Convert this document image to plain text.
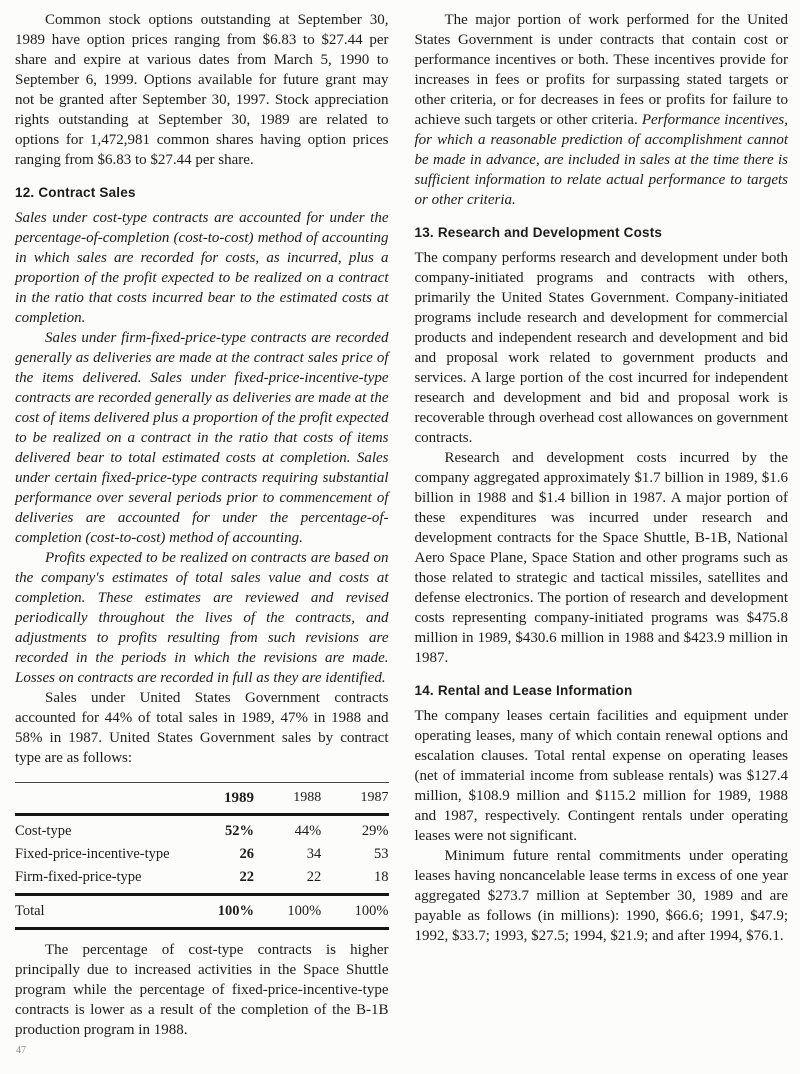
Common stock options outstanding at September 30, 1989 have option prices ranging from $6.83 to $27.44 per share and expire at various dates from March 5, 1990 to September 6, 1999. Options available for future grant may not be granted after September 30, 1997. Stock appreciation rights outstanding at September 30, 1989 are related to options for 1,472,981 common shares having option prices ranging from $6.83 to $27.44 per share.

12. Contract Sales

Sales under cost-type contracts are accounted for under the percentage-of-completion (cost-to-cost) method of accounting in which sales are recorded for costs, as incurred, plus a proportion of the profit expected to be realized on a contract in the ratio that costs incurred bear to the estimated costs at completion.

Sales under firm-fixed-price-type contracts are recorded generally as deliveries are made at the contract sales price of the items delivered. Sales under fixed-price-incentive-type contracts are recorded generally as deliveries are made at the cost of items delivered plus a proportion of the profit expected to be realized on a contract in the ratio that costs of items delivered bear to total estimated costs at completion. Sales under certain fixed-price-type contracts requiring substantial performance over several periods prior to commencement of deliveries are accounted for under the percentage-of-completion (cost-to-cost) method of accounting.

Profits expected to be realized on contracts are based on the company's estimates of total sales value and costs at completion. These estimates are reviewed and revised periodically throughout the lives of the contracts, and adjustments to profits resulting from such revisions are recorded in the periods in which the revisions are made. Losses on contracts are recorded in full as they are identified.

Sales under United States Government contracts accounted for 44% of total sales in 1989, 47% in 1988 and 58% in 1987. United States Government sales by contract type are as follows:

	1989	1988	1987
Cost-type	52%	44%	29%
Fixed-price-incentive-type	26	34	53
Firm-fixed-price-type	22	22	18
Total	100%	100%	100%

The percentage of cost-type contracts is higher principally due to increased activities in the Space Shuttle program while the percentage of fixed-price-incentive-type contracts is lower as a result of the completion of the B-1B production program in 1988.

The major portion of work performed for the United States Government is under contracts that contain cost or performance incentives or both. These incentives provide for increases in fees or profits for surpassing stated targets or other criteria, or for decreases in fees or profits for failure to achieve such targets or other criteria. Performance incentives, for which a reasonable prediction of accomplishment cannot be made in advance, are included in sales at the time there is sufficient information to relate actual performance to targets or other criteria.

13. Research and Development Costs

The company performs research and development under both company-initiated programs and contracts with others, primarily the United States Government. Company-initiated programs include research and development for commercial products and independent research and development and bid and proposal work related to government products and services. A large portion of the cost incurred for independent research and development and bid and proposal work is recoverable through overhead cost allowances on government contracts.

Research and development costs incurred by the company aggregated approximately $1.7 billion in 1989, $1.6 billion in 1988 and $1.4 billion in 1987. A major portion of these expenditures was incurred under research and development contracts for the Space Shuttle, B-1B, National Aero Space Plane, Space Station and other programs such as those related to strategic and tactical missiles, satellites and defense electronics. The portion of research and development costs representing company-initiated programs was $475.8 million in 1989, $430.6 million in 1988 and $423.9 million in 1987.

14. Rental and Lease Information

The company leases certain facilities and equipment under operating leases, many of which contain renewal options and escalation clauses. Total rental expense on operating leases (net of immaterial income from sublease rentals) was $127.4 million, $108.9 million and $115.2 million for 1989, 1988 and 1987, respectively. Contingent rentals under operating leases were not significant.

Minimum future rental commitments under operating leases having noncancelable lease terms in excess of one year aggregated $273.7 million at September 30, 1989 and are payable as follows (in millions): 1990, $66.6; 1991, $47.9; 1992, $33.7; 1993, $27.5; 1994, $21.9; and after 1994, $76.1.

47
